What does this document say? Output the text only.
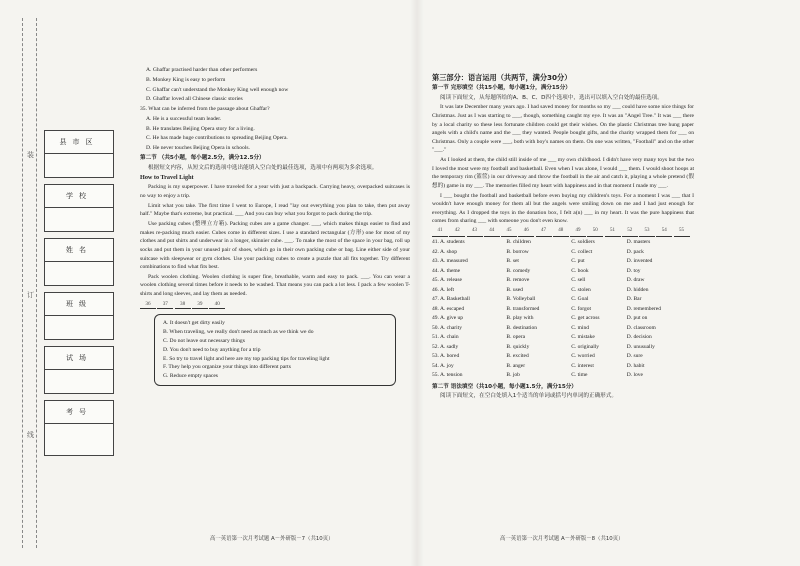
装
订
线
县市区
学校
姓名
班级
试场
考号

A. Ghaffar practised harder than other performers

B. Monkey King is easy to perform

C. Ghaffar can't understand the Monkey King well enough now

D. Ghaffar loved all Chinese classic stories

35. What can be inferred from the passage about Ghaffar?

A. He is a successful team leader.

B. He translates Beijing Opera story for a living.

C. He has made huge contributions to spreading Beijing Opera.

D. He never touches Beijing Opera in schools.

第二节 （共5小题，每小题2.5分，满分12.5分）

根据短文内容，从短文后的选项中选出能填入空白处的最佳选项，选项中有两项为多余选项。

How to Travel Light

Packing is my superpower. I have traveled for a year with just a backpack. Carrying heavy, overpacked suitcases is no way to enjoy a trip.

Limit what you take. The first time I went to Europe, I read "lay out everything you plan to take, then put away half." Maybe that's extreme, but practical. ___ And you can buy what you forgot to pack during the trip.

Use packing cubes (整理立方箱). Packing cubes are a game changer. ___, which makes things easier to find and makes re-packing much easier. Cubes come in different sizes. I use a standard rectangular (方形) one for most of my clothes and put shirts and underwear in a longer, skinnier cube. ___. To make the most of the space in your bag, roll up socks and put them in your unused pair of shoes, which go in their own packing cube or bag. Line either side of your suitcase with sleepwear or gym clothes. Use your packing cubes to create a puzzle that all fits together. Try different combinations to find what fits best.

Pack woolen clothing. Woolen clothing is super fine, breathable, warm and easy to pack. ___. You can wear a woolen clothing several times before it needs to be washed. That means you can pack a lot less. I pack a few woolen T-shirts and long sleeves, and lay them as needed.

36 37 38 39 40

A. It doesn't get dirty easily

B. When traveling, we really don't need as much as we think we do

C. Do not leave out necessary things

D. You don't need to buy anything for a trip

E. So try to travel light and here are my top packing tips for traveling light

F. They help you organize your things into different parts

G. Reduce empty spaces

高一英语第一次月考试题 A－外研版－7（共10页）

第三部分：语言运用（共两节，满分30分）

第一节 完形填空（共15小题，每小题1分，满分15分）

阅读下面短文，从每题所给的A、B、C、D四个选项中，选出可以填入空白处的最佳选项。

It was late December many years ago. I had saved money for months so my ___ could have some nice things for Christmas. Just as I was starting to ___, though, something caught my eye. It was an "Angel Tree." It was ___ there by a local charity so these less fortunate children could get their wishes. On the plastic Christmas tree hung paper angels with a child's name and the ___ they wanted. People bought gifts, and the charity wrapped them for ___ on Christmas. Only a couple were ___, both with boy's names on them. On one was written, "Football" and on the other "___."

As I looked at them, the child still inside of me ___ my own childhood. I didn't have very many toys but the two I loved the most were my football and basketball. Even when I was alone, I would ___ them. I would shoot hoops at the temporary rim (篮筐) in our driveway and throw the football in the air and catch it, playing a whole pretend (假想的) game in my ___. The memories filled my heart with happiness and in that moment I made my ___.

I ___ bought the football and basketball before even buying my children's toys. For a moment I was ___ that I wouldn't have enough money for them all but the angels were smiling down on me and I had just enough for everything. As I dropped the toys in the donation box, I felt a(n) ___ in my heart. It was the pure happiness that comes from sharing ___ with someone you don't even know.

41 42 43 44 45 46 47 48 49 50 51 52 53 54 55

41. A. students	B. children	C. soldiers	D. masters
42. A. shop	B. borrow	C. collect	D. pack
43. A. measured	B. set	C. put	D. invented
44. A. theme	B. comedy	C. book	D. toy
45. A. release	B. remove	C. sell	D. draw
46. A. left	B. used	C. stolen	D. hidden
47. A. Basketball	B. Volleyball	C. Goal	D. Bar
48. A. escaped	B. transformed	C. forgot	D. remembered
49. A. give up	B. play with	C. get across	D. put on
50. A. charity	B. destination	C. mind	D. classroom
51. A. chain	B. opera	C. mistake	D. decision
52. A. sadly	B. quickly	C. originally	D. unusually
53. A. bored	B. excited	C. worried	D. sure
54. A. joy	B. anger	C. interest	D. habit
55. A. tension	B. job	C. time	D. love

第二节 语法填空（共10小题，每小题1.5分，满分15分）

阅读下面短文，在空白处填入1个适当的单词或括号内单词的正确形式。

高一英语第一次月考试题 A－外研版－8（共10页）
